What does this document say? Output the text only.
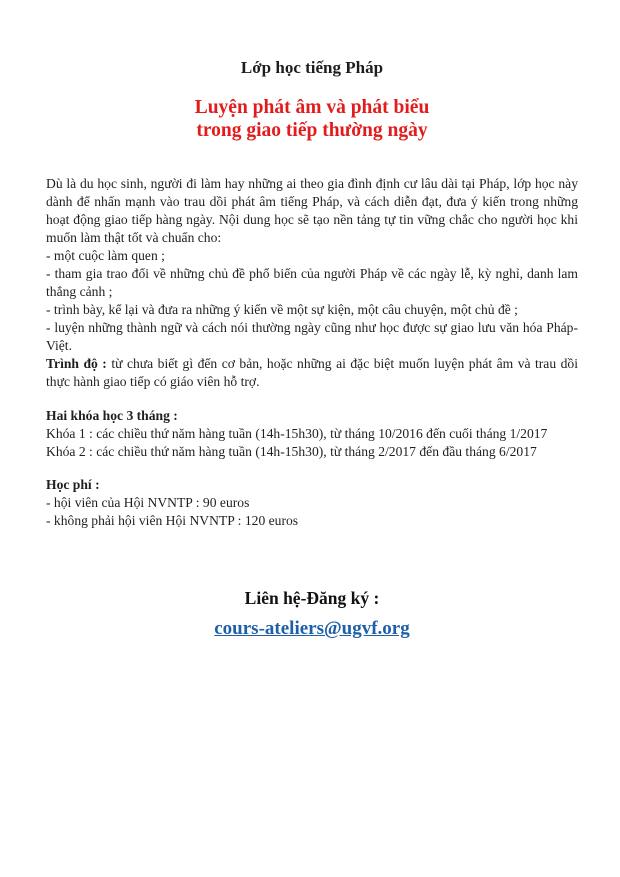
Lớp học tiếng Pháp
Luyện phát âm và phát biểu
trong giao tiếp thường ngày

Dù là du học sinh, người đi làm hay những ai theo gia đình định cư lâu dài tại Pháp, lớp học này dành để nhấn mạnh vào trau dồi phát âm tiếng Pháp, và cách diễn đạt, đưa ý kiến trong những hoạt động giao tiếp hàng ngày. Nội dung học sẽ tạo nền tảng tự tin vững chắc cho người học khi muốn làm thật tốt và chuẩn cho:

- một cuộc làm quen ;

- tham gia trao đổi về những chủ đề phổ biến của người Pháp về các ngày lễ, kỳ nghỉ, danh lam thắng cảnh ;

- trình bày, kể lại và đưa ra những ý kiến về một sự kiện, một câu chuyện, một chủ đề ;

- luyện những thành ngữ và cách nói thường ngày cũng như học được sự giao lưu văn hóa Pháp-Việt.

Trình độ : từ chưa biết gì đến cơ bản, hoặc những ai đặc biệt muốn luyện phát âm và trau dồi thực hành giao tiếp có giáo viên hỗ trợ.

Hai khóa học 3 tháng :

Khóa 1 : các chiều thứ năm hàng tuần (14h-15h30), từ tháng 10/2016 đến cuối tháng 1/2017

Khóa 2 : các chiều thứ năm hàng tuần (14h-15h30), từ tháng 2/2017 đến đầu tháng 6/2017

Học phí :

- hội viên của Hội NVNTP : 90 euros

- không phải hội viên Hội NVNTP : 120 euros

Liên hệ-Đăng ký :
cours-ateliers@ugvf.org
